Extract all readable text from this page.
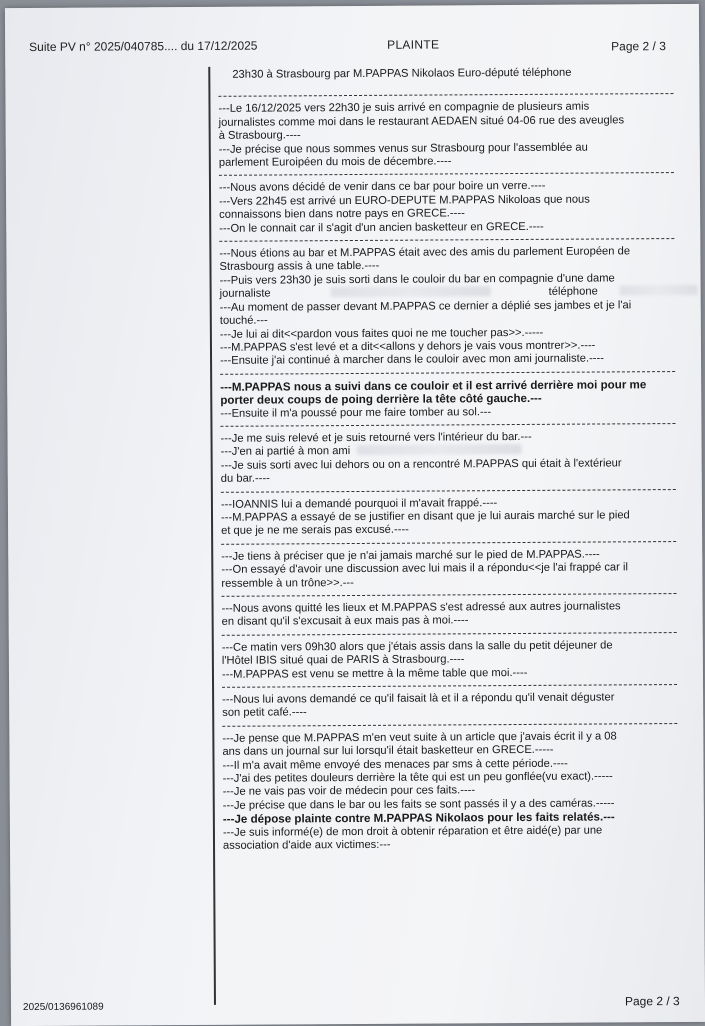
Suite PV n° 2025/040785.... du 17/12/2025	PLAINTE	Page 2 / 3
23h30 à Strasbourg par M.PAPPAS Nikolaos Euro-député téléphone
---Le 16/12/2025 vers 22h30 je suis arrivé en compagnie de plusieurs amis
journalistes comme moi dans le restaurant AEDAEN situé 04-06 rue des aveugles
à Strasbourg.----
---Je précise que nous sommes venus sur Strasbourg pour l'assemblée au
parlement Euroipéen du mois de décembre.----
---Nous avons décidé de venir dans ce bar pour boire un verre.----
---Vers 22h45 est arrivé un EURO-DEPUTE M.PAPPAS Nikoloas que nous
connaissons bien dans notre pays en GRECE.----
---On le connait car il s'agit d'un ancien basketteur en GRECE.----
---Nous étions au bar et M.PAPPAS était avec des amis du parlement Européen de
Strasbourg assis à une table.----
---Puis vers 23h30 je suis sorti dans le couloir du bar en compagnie d'une dame
journaliste	téléphone
---Au moment de passer devant M.PAPPAS ce dernier a déplié ses jambes et je l'ai
touché.---
---Je lui ai dit<<pardon vous faites quoi ne me toucher pas>>.-----
---M.PAPPAS s'est levé et a dit<<allons y dehors je vais vous montrer>>.----
---Ensuite j'ai continué à marcher dans le couloir avec mon ami journaliste.----
---M.PAPPAS nous a suivi dans ce couloir et il est arrivé derrière moi pour me
porter deux coups de poing derrière la tête côté gauche.---
---Ensuite il m'a poussé pour me faire tomber au sol.---
---Je me suis relevé et je suis retourné vers l'intérieur du bar.---
---J'en ai partié à mon ami
---Je suis sorti avec lui dehors ou on a rencontré M.PAPPAS qui était à l'extérieur
du bar.----
---IOANNIS lui a demandé pourquoi il m'avait frappé.----
---M.PAPPAS a essayé de se justifier en disant que je lui aurais marché sur le pied
et que je ne me serais pas excusé.----
---Je tiens à préciser que je n'ai jamais marché sur le pied de M.PAPPAS.----
---On essayé d'avoir une discussion avec lui mais il a répondu<<je l'ai frappé car il
ressemble à un trône>>.---
---Nous avons quitté les lieux et M.PAPPAS s'est adressé aux autres journalistes
en disant qu'il s'excusait à eux mais pas à moi.----
---Ce matin vers 09h30 alors que j'étais assis dans la salle du petit déjeuner de
l'Hôtel IBIS situé quai de PARIS à Strasbourg.----
---M.PAPPAS est venu se mettre à la même table que moi.----
---Nous lui avons demandé ce qu'il faisait là et il a répondu qu'il venait déguster
son petit café.----
---Je pense que M.PAPPAS m'en veut suite à un article que j'avais écrit il y a 08
ans dans un journal sur lui lorsqu'il était basketteur en GRECE.-----
---Il m'a avait même envoyé des menaces par sms à cette période.----
---J'ai des petites douleurs derrière la tête qui est un peu gonflée(vu exact).-----
---Je ne vais pas voir de médecin pour ces faits.----
---Je précise que dans le bar ou les faits se sont passés il y a des caméras.-----
---Je dépose plainte contre M.PAPPAS Nikolaos pour les faits relatés.---
---Je suis informé(e) de mon droit à obtenir réparation et être aidé(e) par une
association d'aide aux victimes:---
2025/0136961089	Page 2 / 3
